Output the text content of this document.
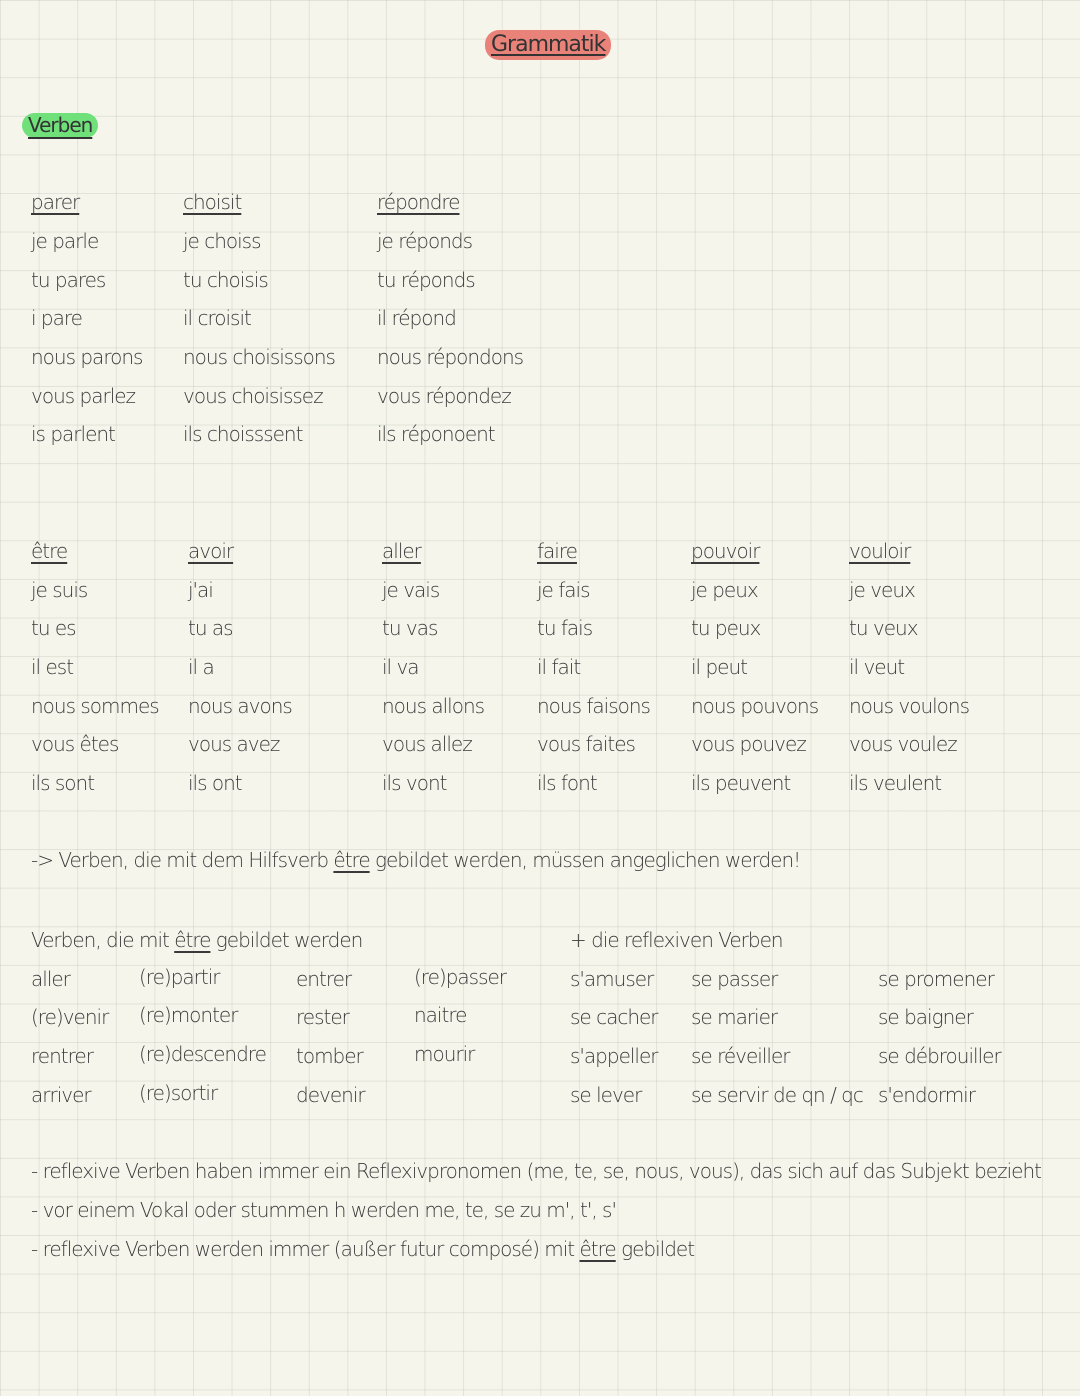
Grammatik
Verben
parer
je parle
tu pares
i pare
nous parons
vous parlez
is parlent
choisit
je choiss
tu choisis
il croisit
nous choisissons
vous choisissez
ils choisssent
répondre
je réponds
tu réponds
il répond
nous répondons
vous répondez
ils réponoent
être
je suis
tu es
il est
nous sommes
vous êtes
ils sont
avoir
j'ai
tu as
il a
nous avons
vous avez
ils ont
aller
je vais
tu vas
il va
nous allons
vous allez
ils vont
faire
je fais
tu fais
il fait
nous faisons
vous faites
ils font
pouvoir
je peux
tu peux
il peut
nous pouvons
vous pouvez
ils peuvent
vouloir
je veux
tu veux
il veut
nous voulons
vous voulez
ils veulent
-> Verben, die mit dem Hilfsverb être gebildet werden, müssen angeglichen werden!
Verben, die mit être gebildet werden
aller
(re)venir
rentrer
arriver
(re)partir
(re)monter
(re)descendre
(re)sortir
entrer
rester
tomber
devenir
(re)passer
naitre
mourir
+ die reflexiven Verben
s'amuser
se cacher
s'appeller
se lever
se passer
se marier
se réveiller
se servir de qn / qc
se promener
se baigner
se débrouiller
s'endormir
- reflexive Verben haben immer ein Reflexivpronomen (me, te, se, nous, vous), das sich auf das Subjekt bezieht
- vor einem Vokal oder stummen h werden me, te, se zu m', t', s'
- reflexive Verben werden immer (außer futur composé) mit être gebildet
